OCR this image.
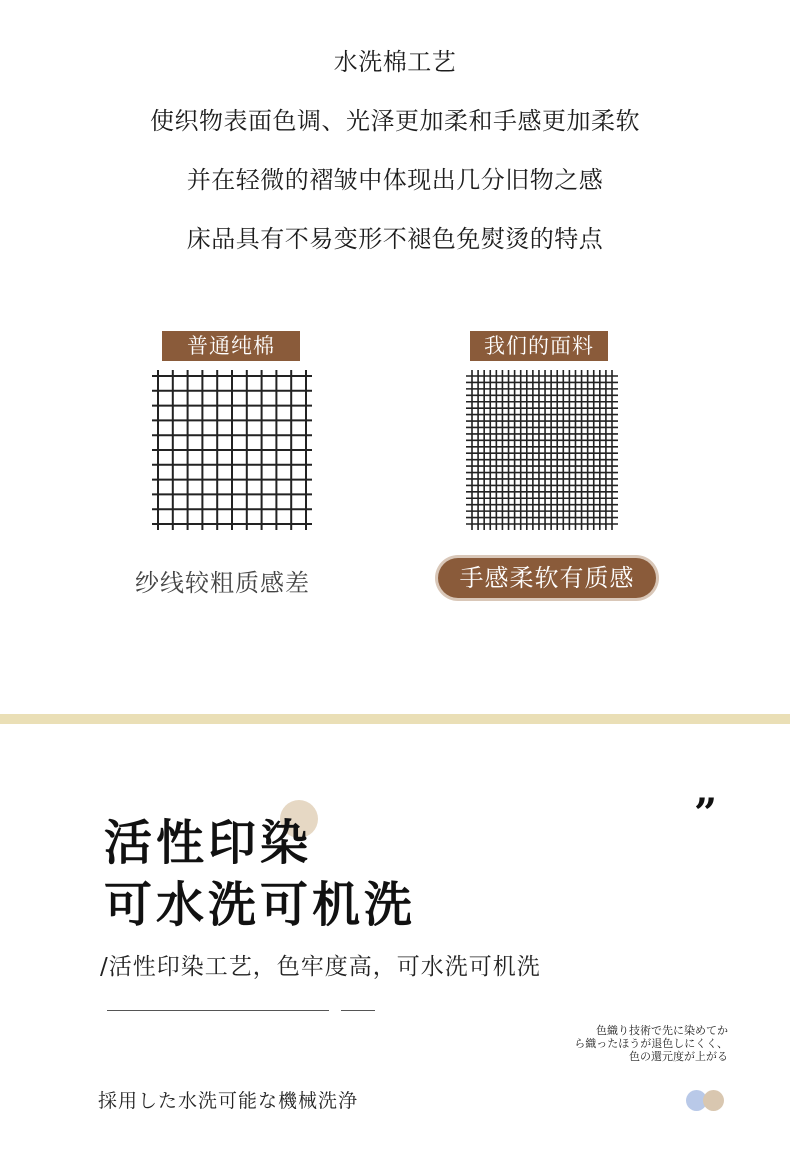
水洗棉工艺
使织物表面色调、光泽更加柔和手感更加柔软
并在轻微的褶皱中体现出几分旧物之感
床品具有不易变形不褪色免熨烫的特点
普通纯棉
纱线较粗质感差
我们的面料
手感柔软有质感
活性印染
可水洗可机洗
”
/活性印染工艺，色牢度高，可水洗可机洗
色織り技術で先に染めてか
ら織ったほうが退色しにくく、
色の還元度が上がる
採用した水洗可能な機械洗浄
